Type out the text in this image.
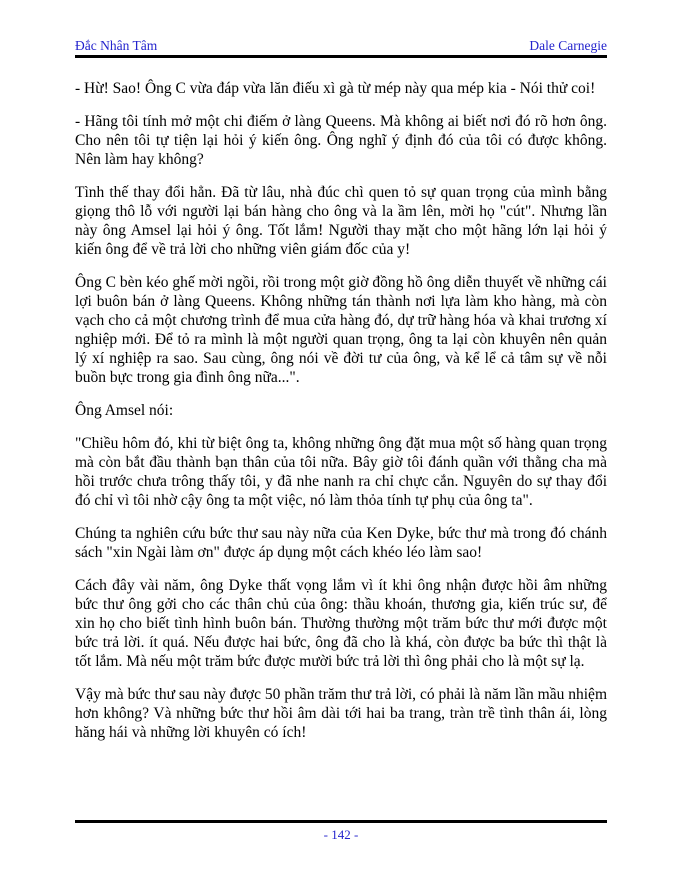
Đắc Nhân Tâm	Dale Carnegie

- Hừ! Sao! Ông C vừa đáp vừa lăn điếu xì gà từ mép này qua mép kia - Nói thử coi!

- Hãng tôi tính mở một chi điếm ở làng Queens. Mà không ai biết nơi đó rõ hơn ông. Cho nên tôi tự tiện lại hỏi ý kiến ông. Ông nghĩ ý định đó của tôi có được không. Nên làm hay không?

Tình thế thay đổi hẳn. Đã từ lâu, nhà đúc chì quen tỏ sự quan trọng của mình bằng giọng thô lỗ với người lại bán hàng cho ông và la ầm lên, mời họ "cút". Nhưng lần này ông Amsel lại hỏi ý ông. Tốt lắm! Người thay mặt cho một hãng lớn lại hỏi ý kiến ông để về trả lời cho những viên giám đốc của y!

Ông C bèn kéo ghế mời ngồi, rồi trong một giờ đồng hồ ông diễn thuyết về những cái lợi buôn bán ở làng Queens. Không những tán thành nơi lựa làm kho hàng, mà còn vạch cho cả một chương trình để mua cửa hàng đó, dự trữ hàng hóa và khai trương xí nghiệp mới. Để tỏ ra mình là một người quan trọng, ông ta lại còn khuyên nên quản lý xí nghiệp ra sao. Sau cùng, ông nói về đời tư của ông, và kể lể cả tâm sự về nỗi buồn bực trong gia đình ông nữa...".

Ông Amsel nói:

"Chiều hôm đó, khi từ biệt ông ta, không những ông đặt mua một số hàng quan trọng mà còn bắt đầu thành bạn thân của tôi nữa. Bây giờ tôi đánh quần với thằng cha mà hồi trước chưa trông thấy tôi, y đã nhe nanh ra chỉ chực cắn. Nguyên do sự thay đổi đó chỉ vì tôi nhờ cậy ông ta một việc, nó làm thỏa tính tự phụ của ông ta".

Chúng ta nghiên cứu bức thư sau này nữa của Ken Dyke, bức thư mà trong đó chánh sách "xin Ngài làm ơn" được áp dụng một cách khéo léo làm sao!

Cách đây vài năm, ông Dyke thất vọng lắm vì ít khi ông nhận được hồi âm những bức thư ông gởi cho các thân chủ của ông: thầu khoán, thương gia, kiến trúc sư, để xin họ cho biết tình hình buôn bán. Thường thường một trăm bức thư mới được một bức trả lời. ít quá. Nếu được hai bức, ông đã cho là khá, còn được ba bức thì thật là tốt lắm. Mà nếu một trăm bức được mười bức trả lời thì ông phải cho là một sự lạ.

Vậy mà bức thư sau này được 50 phần trăm thư trả lời, có phải là năm lần mầu nhiệm hơn không? Và những bức thư hồi âm dài tới hai ba trang, tràn trề tình thân ái, lòng hăng hái và những lời khuyên có ích!

- 142 -
